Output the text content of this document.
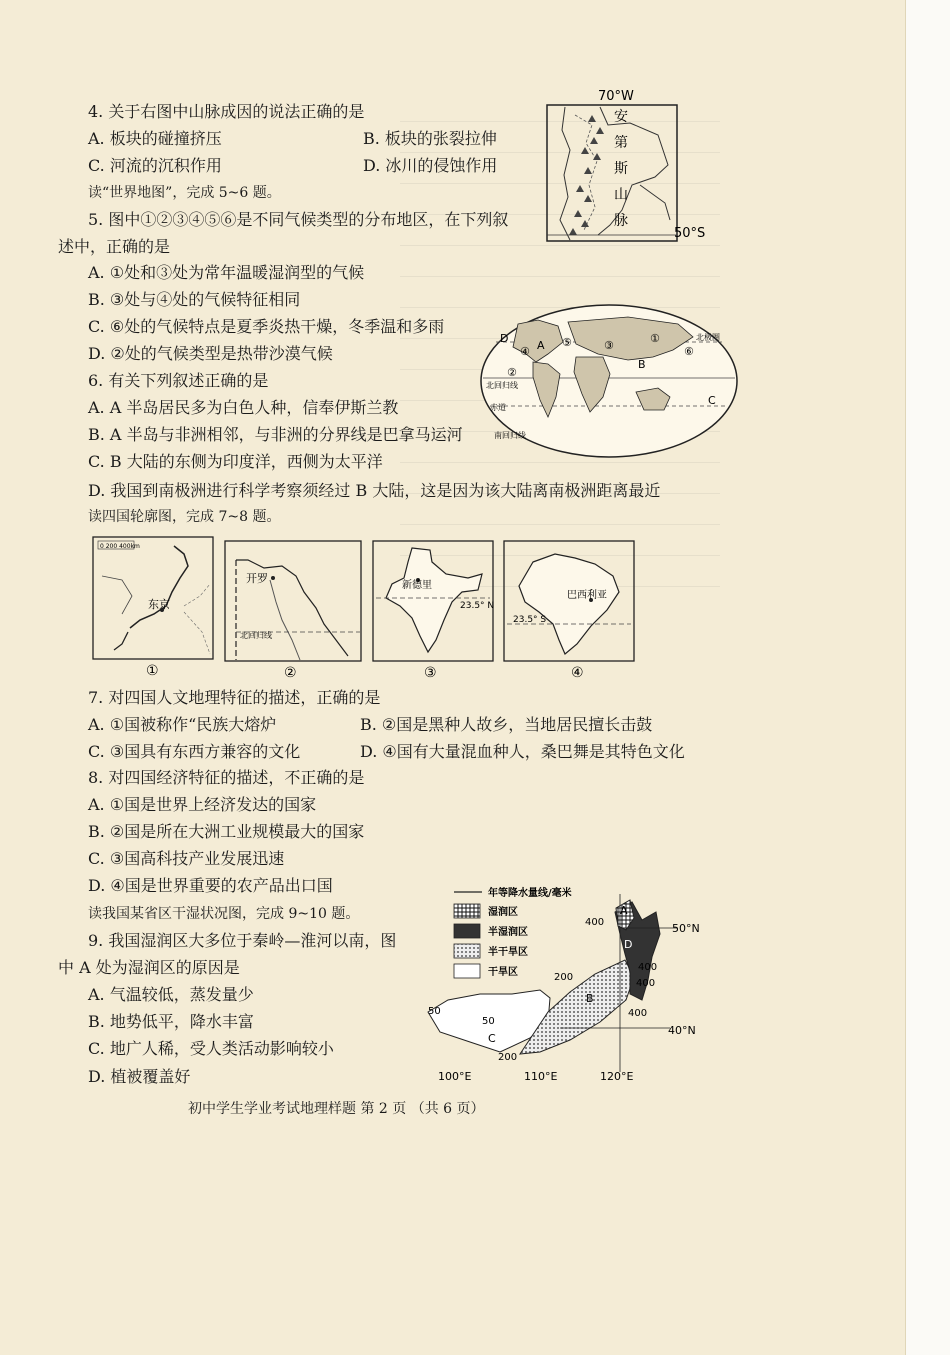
4. 关于右图中山脉成因的说法正确的是
A. 板块的碰撞挤压	B. 板块的张裂拉伸
C. 河流的沉积作用	D. 冰川的侵蚀作用
70°W
安
第
斯
山
脉
50°S
读“世界地图”，完成 5~6 题。
5. 图中①②③④⑤⑥是不同气候类型的分布地区，在下列叙
述中，正确的是
A. ①处和③处为常年温暖湿润型的气候
B. ③处与④处的气候特征相同
C. ⑥处的气候特点是夏季炎热干燥，冬季温和多雨
D. ②处的气候类型是热带沙漠气候
D
A
④
②
⑤	③
①
⑥
B
C
北极圈
北回归线
赤道
南回归线
6. 有关下列叙述正确的是
A. A 半岛居民多为白色人种，信奉伊斯兰教
B. A 半岛与非洲相邻，与非洲的分界线是巴拿马运河
C. B 大陆的东侧为印度洋，西侧为太平洋
D. 我国到南极洲进行科学考察须经过 B 大陆，这是因为该大陆离南极洲距离最近
读四国轮廓图，完成 7~8 题。
0 200 400km
东京
①
开罗
北回归线
②
新德里
23.5° N
③
巴西利亚
23.5° S
④
7. 对四国人文地理特征的描述，正确的是
A. ①国被称作“民族大熔炉	B. ②国是黑种人故乡，当地居民擅长击鼓
C. ③国具有东西方兼容的文化	D. ④国有大量混血种人，桑巴舞是其特色文化
8. 对四国经济特征的描述，不正确的是
A. ①国是世界上经济发达的国家
B. ②国是所在大洲工业规模最大的国家
C. ③国高科技产业发展迅速
D. ④国是世界重要的农产品出口国
读我国某省区干湿状况图，完成 9~10 题。
9. 我国湿润区大多位于秦岭—淮河以南，图
中 A 处为湿润区的原因是
A. 气温较低，蒸发量少
B. 地势低平，降水丰富
C. 地广人稀，受人类活动影响较小
D. 植被覆盖好
年等降水量线/毫米
湿润区
半湿润区
半干旱区
干旱区
A
D
B
C
400
400
400
400
200
50
50
200
50°N
40°N
100°E	110°E	120°E
初中学生学业考试地理样题 第 2 页 （共 6 页）
